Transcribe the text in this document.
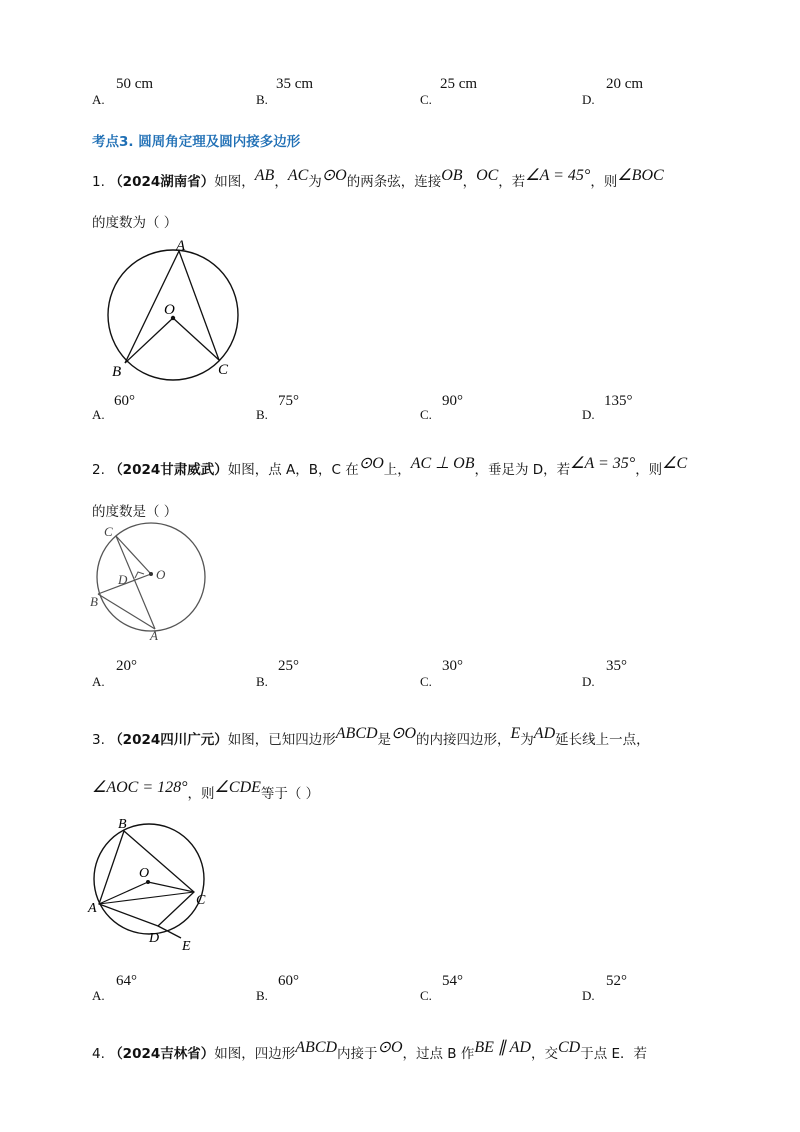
A.
50 cm
B.
35 cm
C.
25 cm
D.
20 cm
考点3. 圆周角定理及圆内接多边形
1. （2024湖南省）如图，AB，AC为⊙O的两条弦，连接OB，OC，若∠A = 45°，则∠BOC
的度数为（ ）
A
O
B	C
A.
60°
B.
75°
C.
90°
D.
135°
2. （2024甘肃威武）如图，点 A，B，C 在⊙O上，AC ⊥ OB，垂足为 D，若∠A = 35°，则∠C
的度数是（ ）
C
D O
B
A
A.
20°
B.
25°
C.
30°
D.
35°
3. （2024四川广元）如图，已知四边形ABCD是⊙O的内接四边形，E为AD延长线上一点，
∠AOC = 128°，则∠CDE等于（ ）
B
O
A
C
D
E
A.
64°
B.
60°
C.
54°
D.
52°
4. （2024吉林省）如图，四边形ABCD内接于⊙O，过点 B 作BE ∥ AD，交CD于点 E．若
